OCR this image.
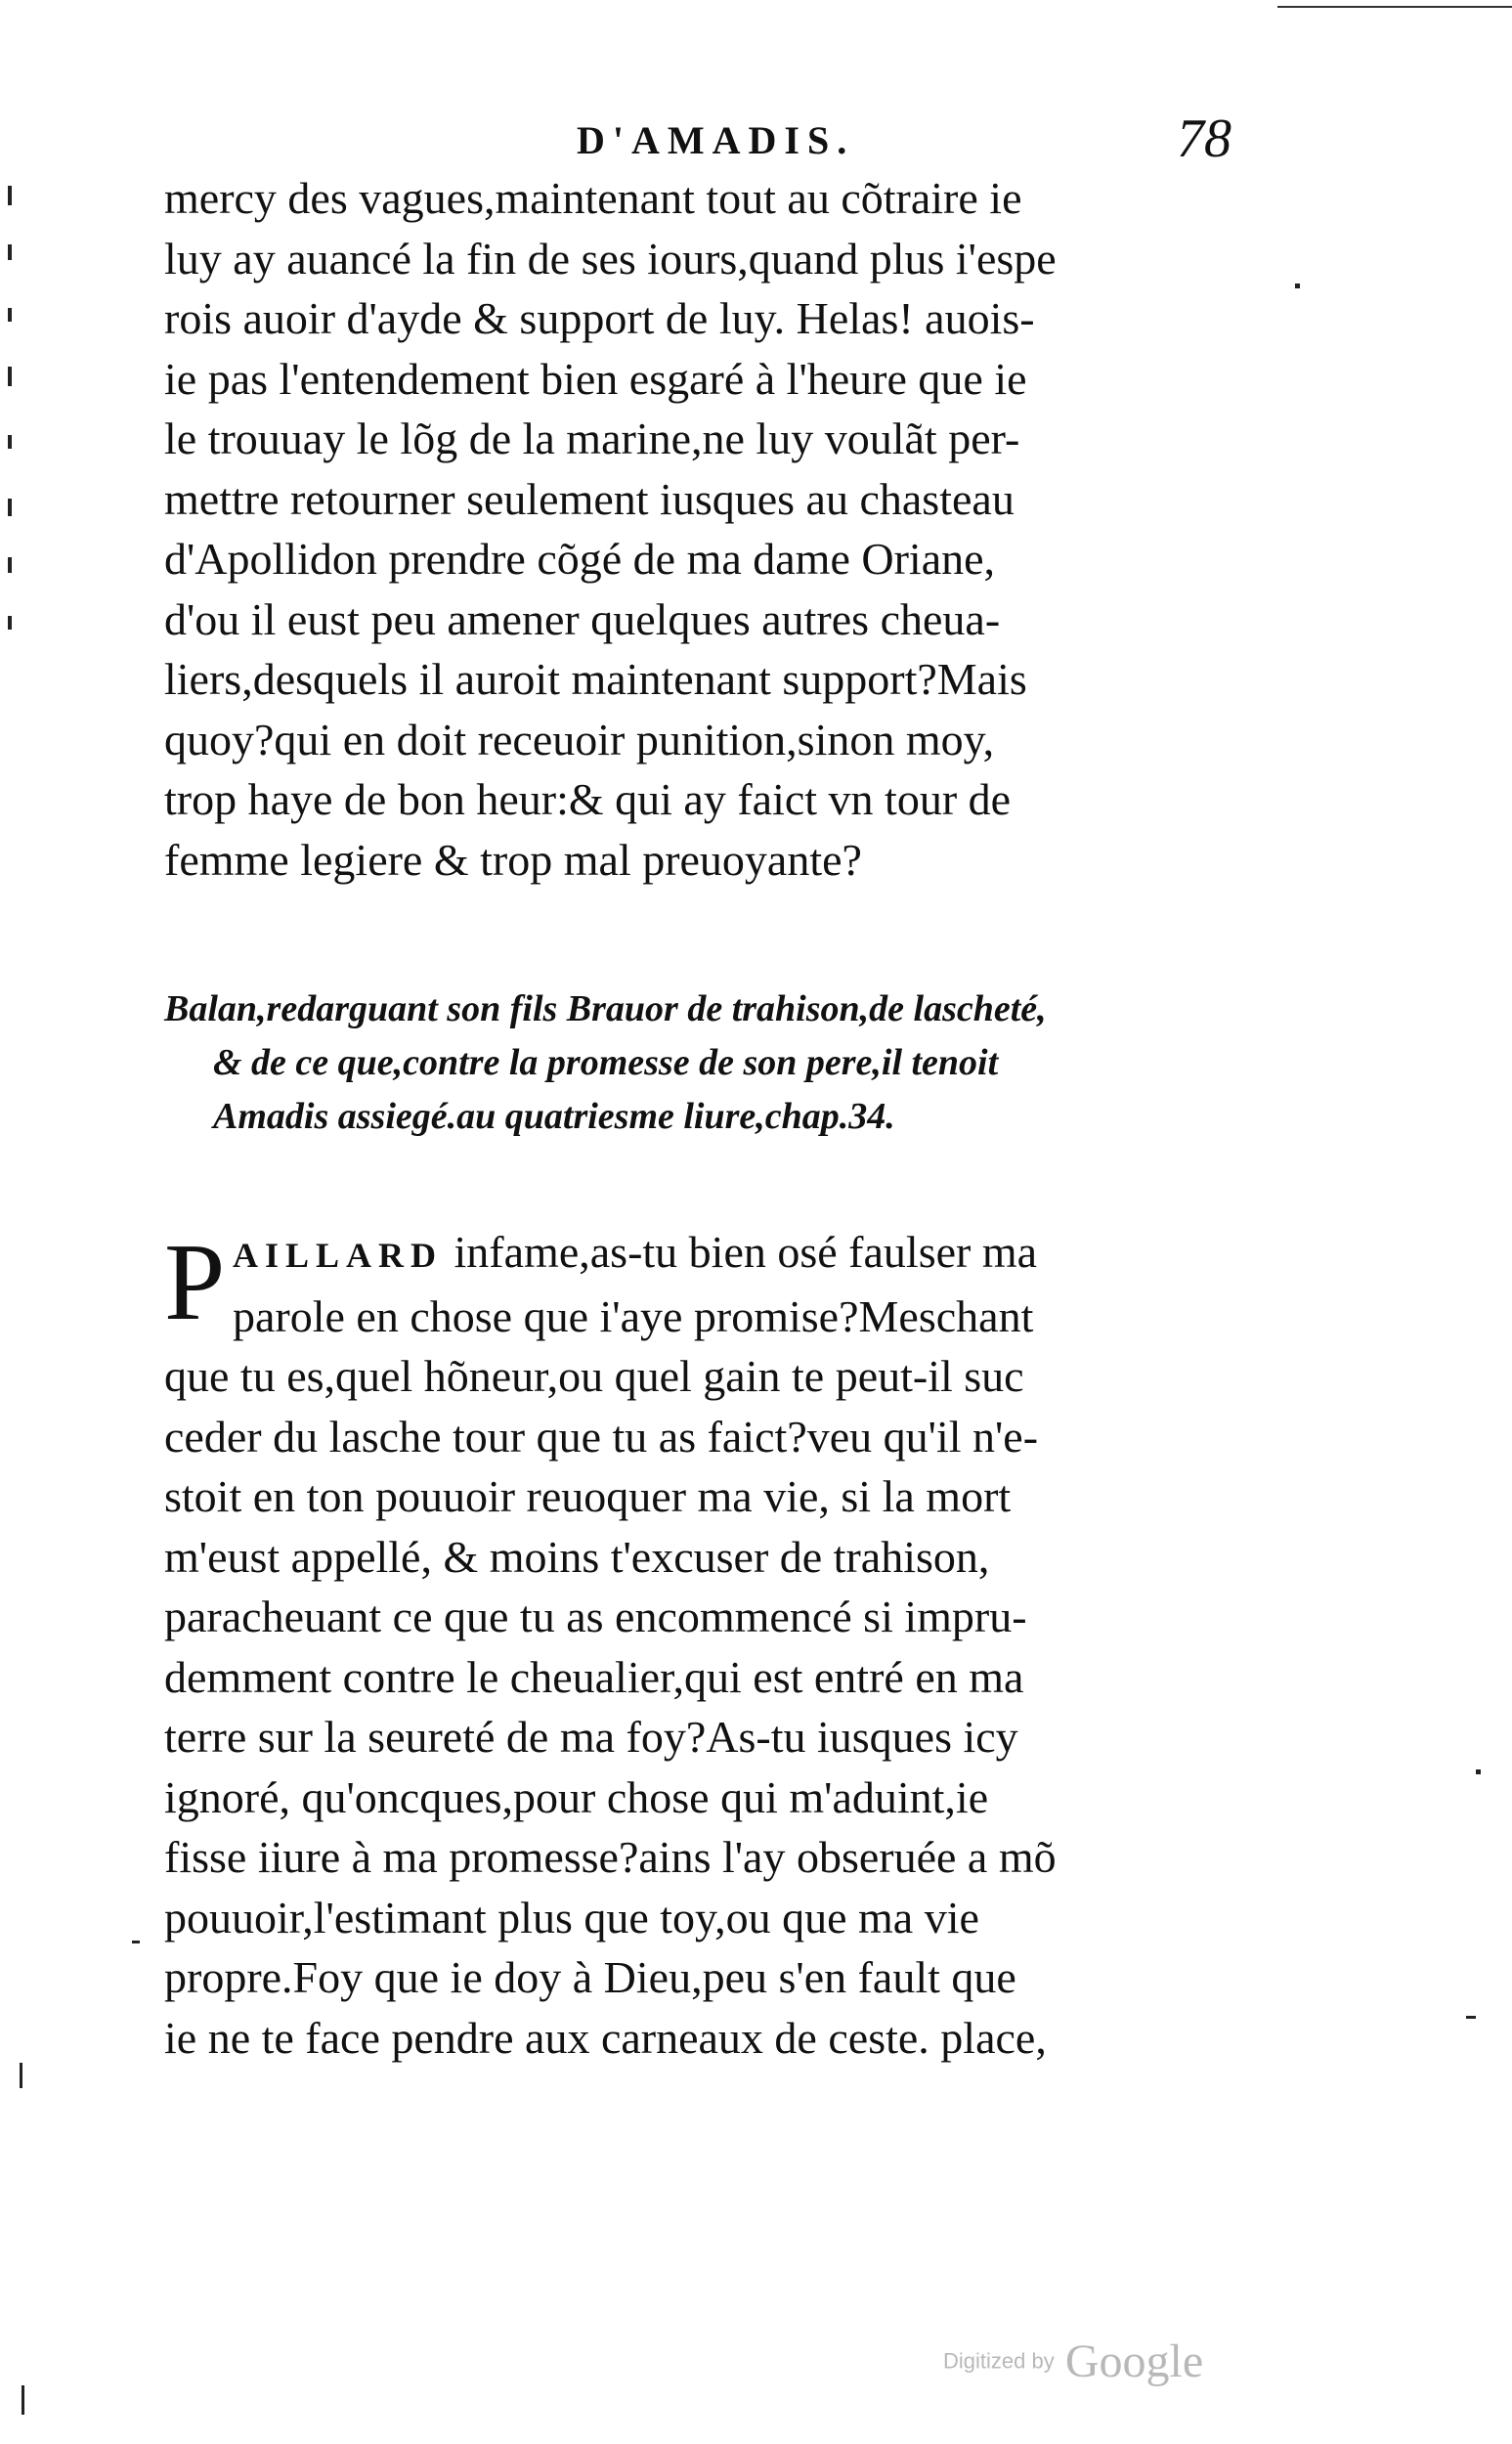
D'AMADIS.	78
mercy des vagues,maintenant tout au cõtraire ie
luy ay auancé la fin de ses iours,quand plus i'espe
rois auoir d'ayde & support de luy. Helas! auois-
ie pas l'entendement bien esgaré à l'heure que ie
le trouuay le lõg de la marine,ne luy voulãt per-
mettre retourner seulement iusques au chasteau
d'Apollidon prendre cõgé de ma dame Oriane,
d'ou il eust peu amener quelques autres cheua-
liers,desquels il auroit maintenant support?Mais
quoy?qui en doit receuoir punition,sinon moy,
trop haye de bon heur:& qui ay faict vn tour de
femme legiere & trop mal preuoyante?
Balan,redarguant son fils Brauor de trahison,de lascheté,
& de ce que,contre la promesse de son pere,il tenoit
Amadis assiegé.au quatriesme liure,chap.34.
P AILLARD infame,as-tu bien osé faulser ma
parole en chose que i'aye promise?Meschant
que tu es,quel hõneur,ou quel gain te peut-il suc
ceder du lasche tour que tu as faict?veu qu'il n'e-
stoit en ton pouuoir reuoquer ma vie, si la mort
m'eust appellé, & moins t'excuser de trahison,
paracheuant ce que tu as encommencé si impru-
demment contre le cheualier,qui est entré en ma
terre sur la seureté de ma foy?As-tu iusques icy
ignoré, qu'oncques,pour chose qui m'aduint,ie
fisse iiure à ma promesse?ains l'ay obseruée a mõ
pouuoir,l'estimant plus que toy,ou que ma vie
propre.Foy que ie doy à Dieu,peu s'en fault que
ie ne te face pendre aux carneaux de ceste. place,
Digitized by Google
